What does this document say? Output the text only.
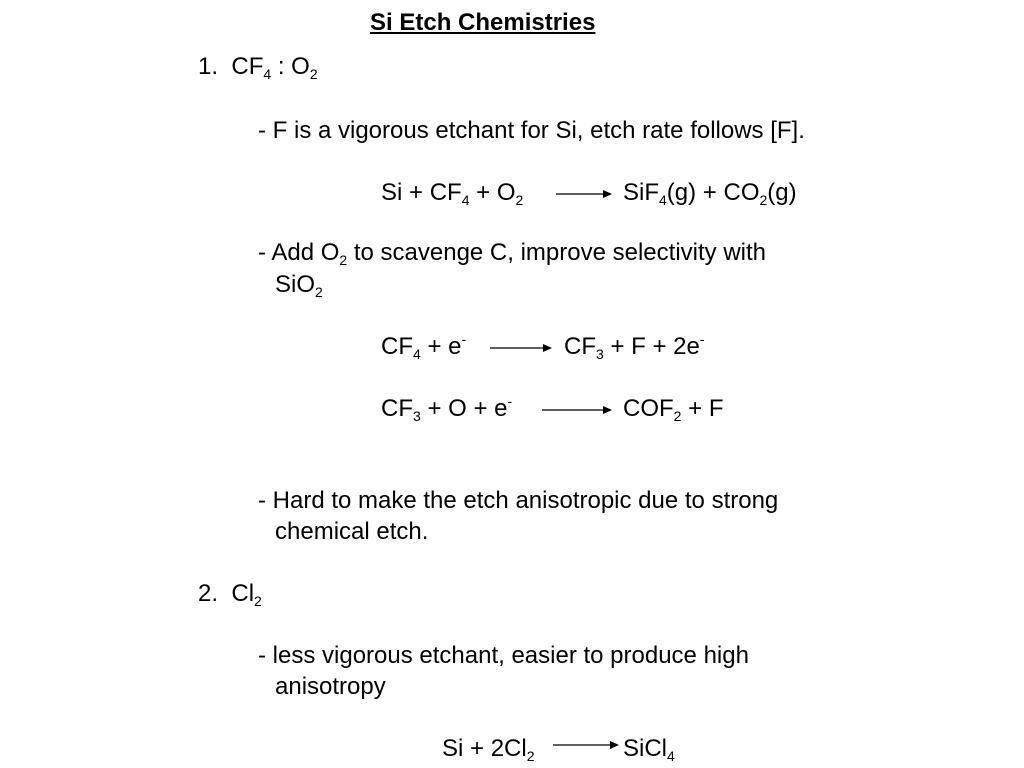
Si Etch Chemistries
1. $CF_4$ : $O_2$
- F is a vigorous etchant for Si, etch rate follows [F].
$Si + CF_4 + O_2 \to SiF_4(g) + CO_2(g)$
- Add $O_2$ to scavenge C, improve selectivity with
SiO$_2$
$CF_4 + e^- \to CF_3 + F + 2e^-$
$CF_3 + O + e^-$	$COF_2 + F$
- Hard to make the etch anisotropic due to strong
chemical etch.
2. $Cl_2$
- less vigorous etchant, easier to produce high
anisotropy
$Si + 2Cl_2$	SiCl$_4$
